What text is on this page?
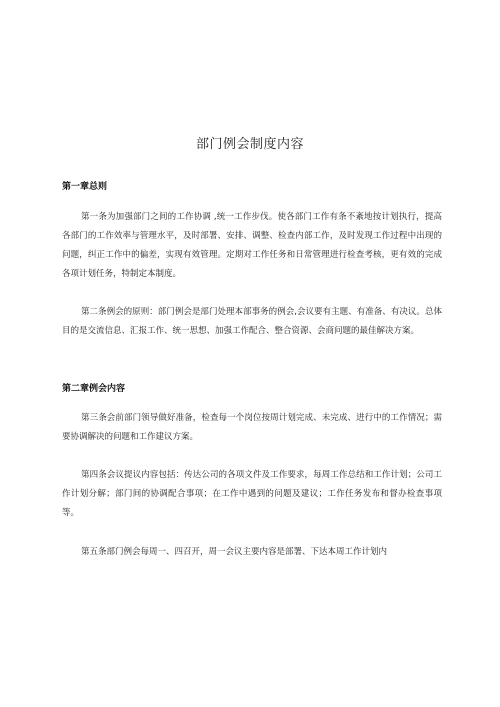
部门例会制度内容
第一章总则

第一条为加强部门之间的工作协调 ,统一工作步伐。使各部门工作有条不紊地按计划执行，提高各部门的工作效率与管理水平，及时部署、安排、调整、检查内部工作，及时发现工作过程中出现的问题，纠正工作中的偏差，实现有效管理。定期对工作任务和日常管理进行检查考核，更有效的完成各项计划任务，特制定本制度。

第二条例会的原则：部门例会是部门处理本部事务的例会,会议要有主题、有准备、有决议。总体目的是交流信息、汇报工作、统一思想、加强工作配合、整合资源、会商问题的最佳解决方案。

第二章例会内容

第三条会前部门领导做好准备，检查每一个岗位按周计划完成、未完成、进行中的工作情况；需要协调解决的问题和工作建议方案。

第四条会议提议内容包括：传达公司的各项文件及工作要求，每周工作总结和工作计划；公司工作计划分解；部门间的协调配合事项；在工作中遇到的问题及建议；工作任务发布和督办检查事项等。

第五条部门例会每周一、四召开，周一会议主要内容是部署、下达本周工作计划内
